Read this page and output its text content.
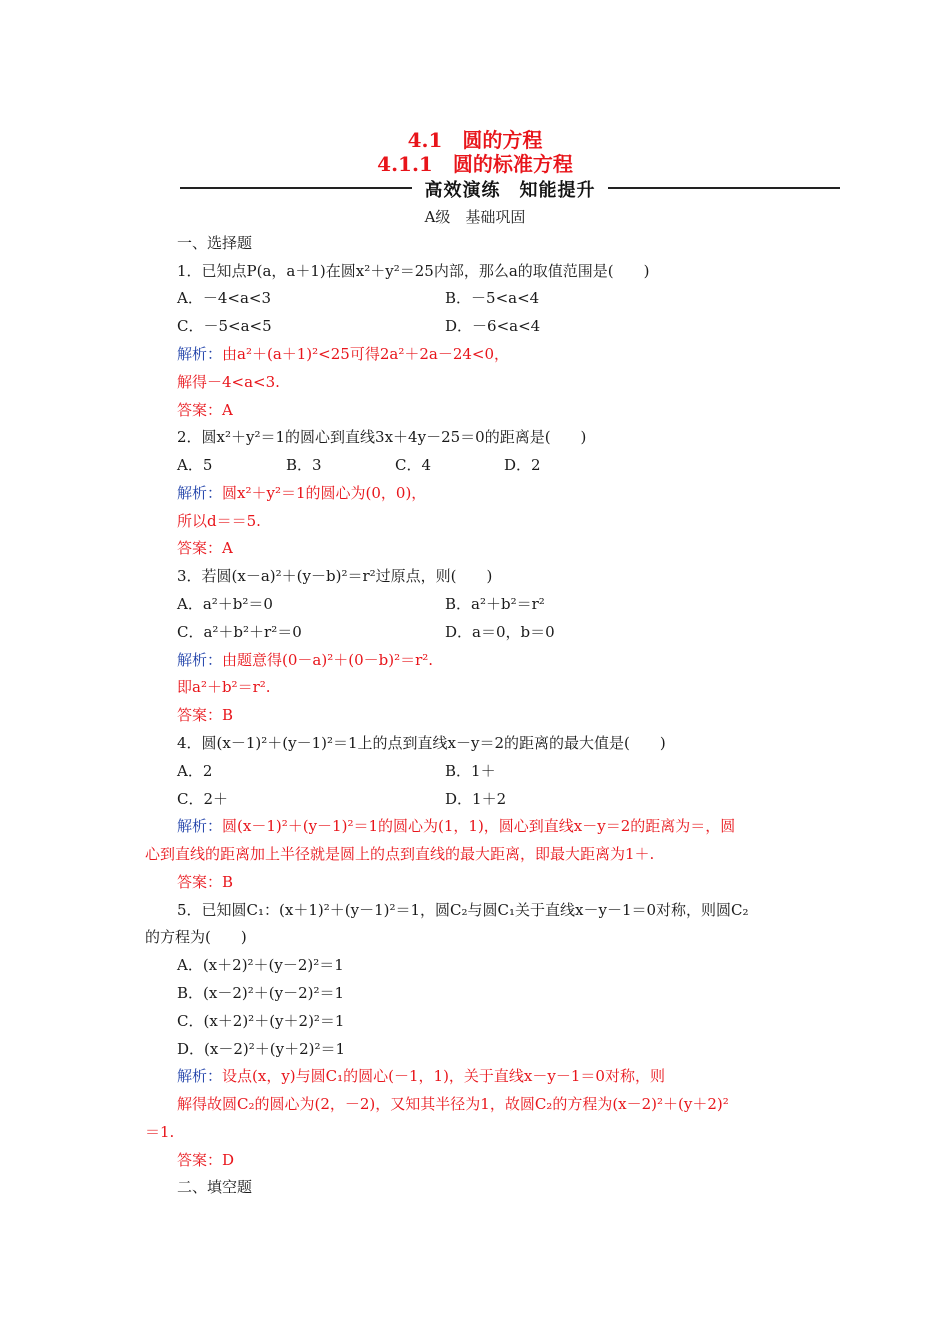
4.1　圆的方程
4.1.1　圆的标准方程
高效演练　知能提升
A级　基础巩固
一、选择题
1．已知点P(a，a＋1)在圆x²＋y²＝25内部，那么a的取值范围是(　　)
A．－4<a<3	B．－5<a<4
C．－5<a<5	D．－6<a<4
解析：由a²＋(a＋1)²<25可得2a²＋2a－24<0，
解得－4<a<3.
答案：A
2．圆x²＋y²＝1的圆心到直线3x＋4y－25＝0的距离是(　　)
A．5	B．3	C．4	D．2
解析：圆x²＋y²＝1的圆心为(0，0)，
所以d＝＝5.
答案：A
3．若圆(x－a)²＋(y－b)²＝r²过原点，则(　　)
A．a²＋b²＝0	B．a²＋b²＝r²
C．a²＋b²＋r²＝0	D．a＝0，b＝0
解析：由题意得(0－a)²＋(0－b)²＝r².
即a²＋b²＝r².
答案：B
4．圆(x－1)²＋(y－1)²＝1上的点到直线x－y＝2的距离的最大值是(　　)
A．2	B．1＋
C．2＋	D．1＋2
解析：圆(x－1)²＋(y－1)²＝1的圆心为(1，1)，圆心到直线x－y＝2的距离为＝，圆
心到直线的距离加上半径就是圆上的点到直线的最大距离，即最大距离为1＋.
答案：B
5．已知圆C₁：(x＋1)²＋(y－1)²＝1，圆C₂与圆C₁关于直线x－y－1＝0对称，则圆C₂
的方程为(　　)
A．(x＋2)²＋(y－2)²＝1
B．(x－2)²＋(y－2)²＝1
C．(x＋2)²＋(y＋2)²＝1
D．(x－2)²＋(y＋2)²＝1
解析：设点(x，y)与圆C₁的圆心(－1，1)，关于直线x－y－1＝0对称，则
解得故圆C₂的圆心为(2，－2)，又知其半径为1，故圆C₂的方程为(x－2)²＋(y＋2)²
＝1.
答案：D
二、填空题
